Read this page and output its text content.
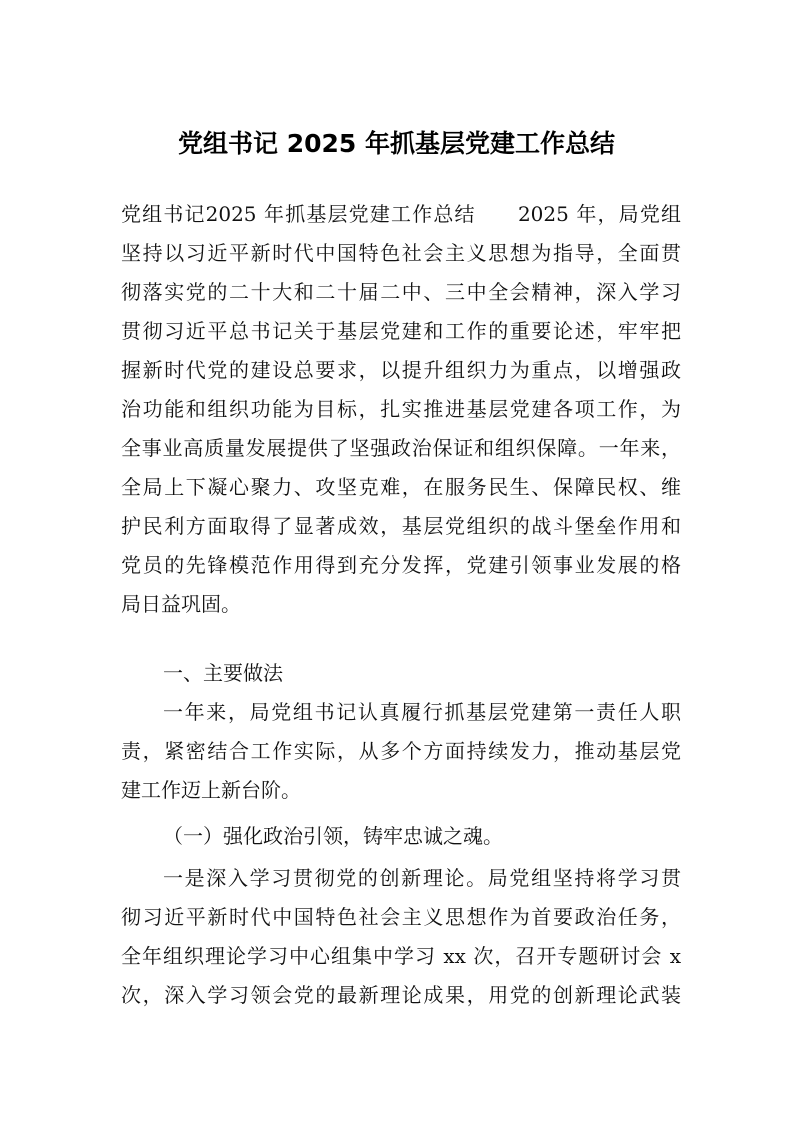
党组书记 2025 年抓基层党建工作总结
党组书记2025 年抓基层党建工作总结　　2025 年，局党组
坚持以习近平新时代中国特色社会主义思想为指导，全面贯
彻落实党的二十大和二十届二中、三中全会精神，深入学习
贯彻习近平总书记关于基层党建和工作的重要论述，牢牢把
握新时代党的建设总要求，以提升组织力为重点，以增强政
治功能和组织功能为目标，扎实推进基层党建各项工作，为
全事业高质量发展提供了坚强政治保证和组织保障。一年来，
全局上下凝心聚力、攻坚克难，在服务民生、保障民权、维
护民利方面取得了显著成效，基层党组织的战斗堡垒作用和
党员的先锋模范作用得到充分发挥，党建引领事业发展的格
局日益巩固。
一、主要做法
一年来，局党组书记认真履行抓基层党建第一责任人职
责，紧密结合工作实际，从多个方面持续发力，推动基层党
建工作迈上新台阶。
（一）强化政治引领，铸牢忠诚之魂。
一是深入学习贯彻党的创新理论。局党组坚持将学习贯
彻习近平新时代中国特色社会主义思想作为首要政治任务，
全年组织理论学习中心组集中学习 xx 次，召开专题研讨会 x
次，深入学习领会党的最新理论成果，用党的创新理论武装
